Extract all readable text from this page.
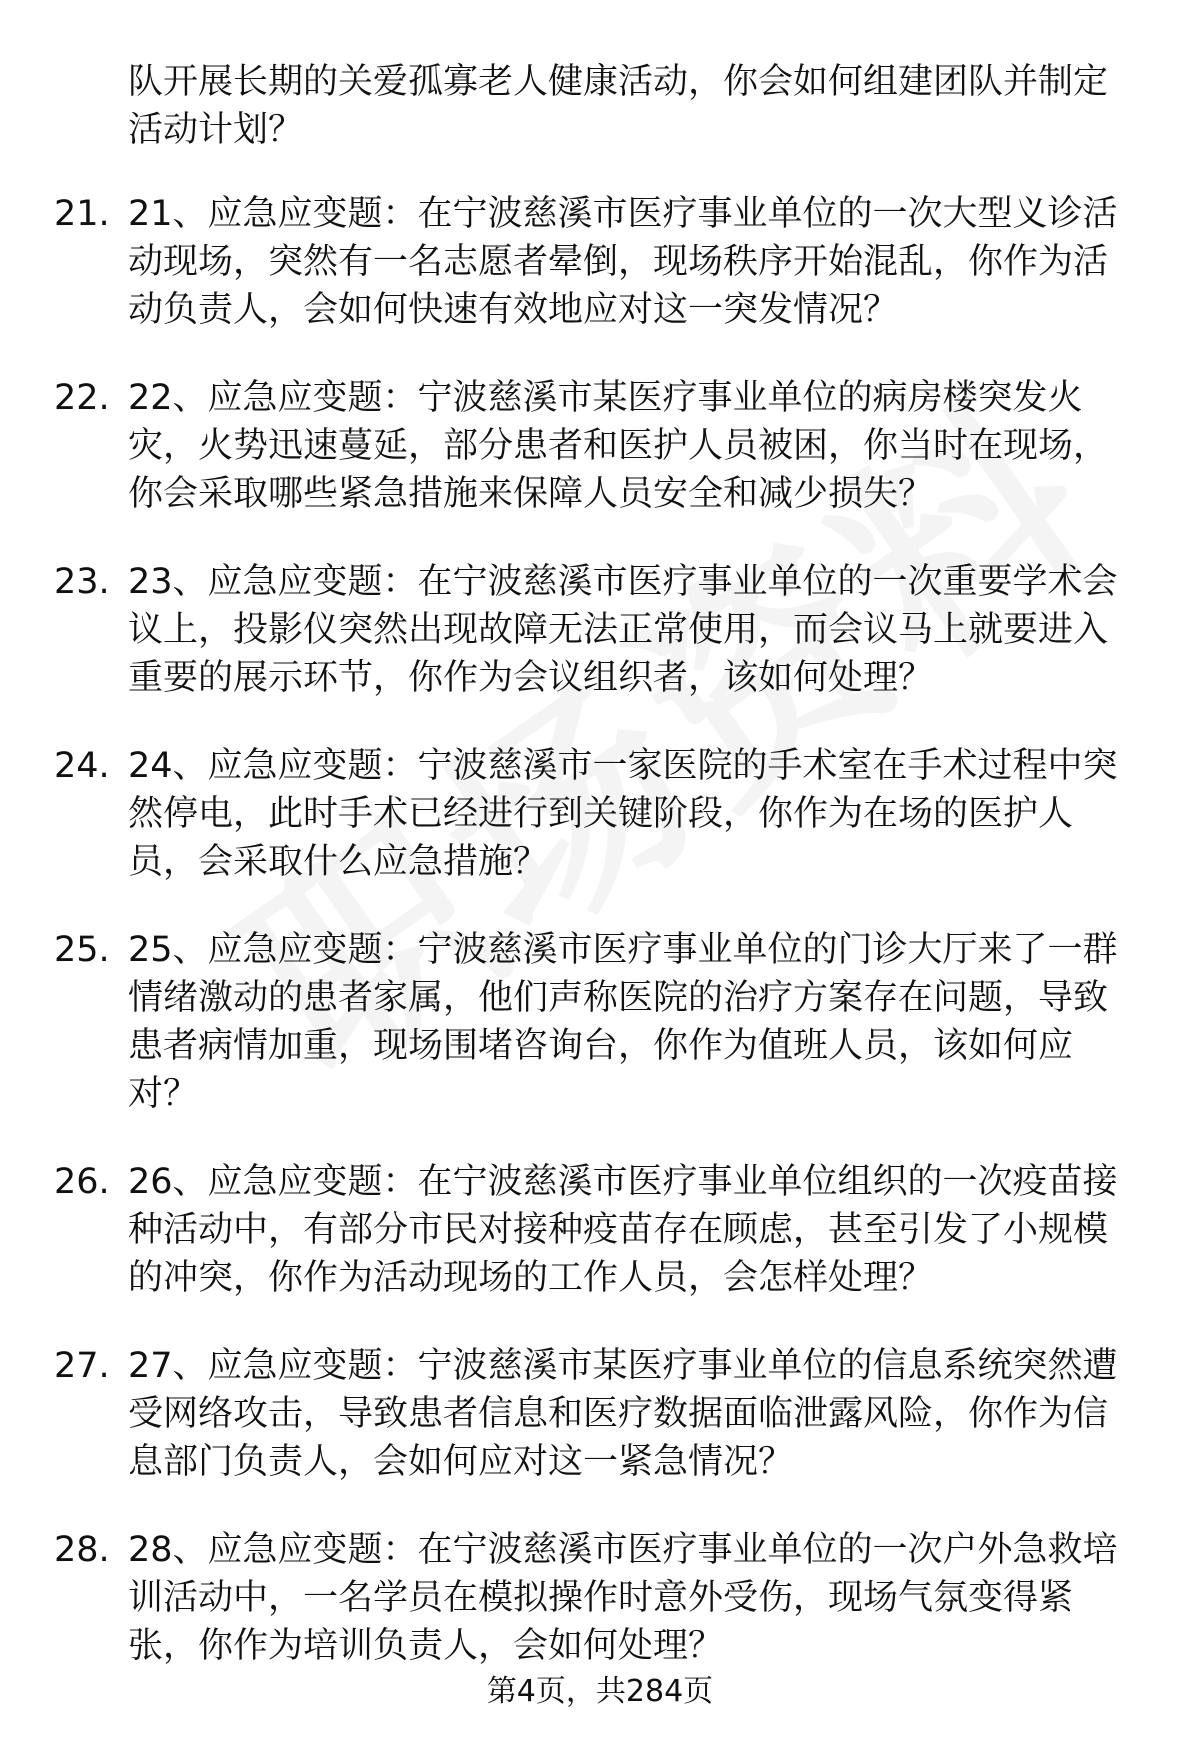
队开展长期的关爱孤寡老人健康活动，你会如何组建团队并制定活动计划？

21. 21、应急应变题：在宁波慈溪市医疗事业单位的一次大型义诊活动现场，突然有一名志愿者晕倒，现场秩序开始混乱，你作为活动负责人，会如何快速有效地应对这一突发情况？
22. 22、应急应变题：宁波慈溪市某医疗事业单位的病房楼突发火灾，火势迅速蔓延，部分患者和医护人员被困，你当时在现场，你会采取哪些紧急措施来保障人员安全和减少损失？
23. 23、应急应变题：在宁波慈溪市医疗事业单位的一次重要学术会议上，投影仪突然出现故障无法正常使用，而会议马上就要进入重要的展示环节，你作为会议组织者，该如何处理？
24. 24、应急应变题：宁波慈溪市一家医院的手术室在手术过程中突然停电，此时手术已经进行到关键阶段，你作为在场的医护人员，会采取什么应急措施？
25. 25、应急应变题：宁波慈溪市医疗事业单位的门诊大厅来了一群情绪激动的患者家属，他们声称医院的治疗方案存在问题，导致患者病情加重，现场围堵咨询台，你作为值班人员，该如何应对？
26. 26、应急应变题：在宁波慈溪市医疗事业单位组织的一次疫苗接种活动中，有部分市民对接种疫苗存在顾虑，甚至引发了小规模的冲突，你作为活动现场的工作人员，会怎样处理？
27. 27、应急应变题：宁波慈溪市某医疗事业单位的信息系统突然遭受网络攻击，导致患者信息和医疗数据面临泄露风险，你作为信息部门负责人，会如何应对这一紧急情况？
28. 28、应急应变题：在宁波慈溪市医疗事业单位的一次户外急救培训活动中，一名学员在模拟操作时意外受伤，现场气氛变得紧张，你作为培训负责人，会如何处理？
第4页，共284页
